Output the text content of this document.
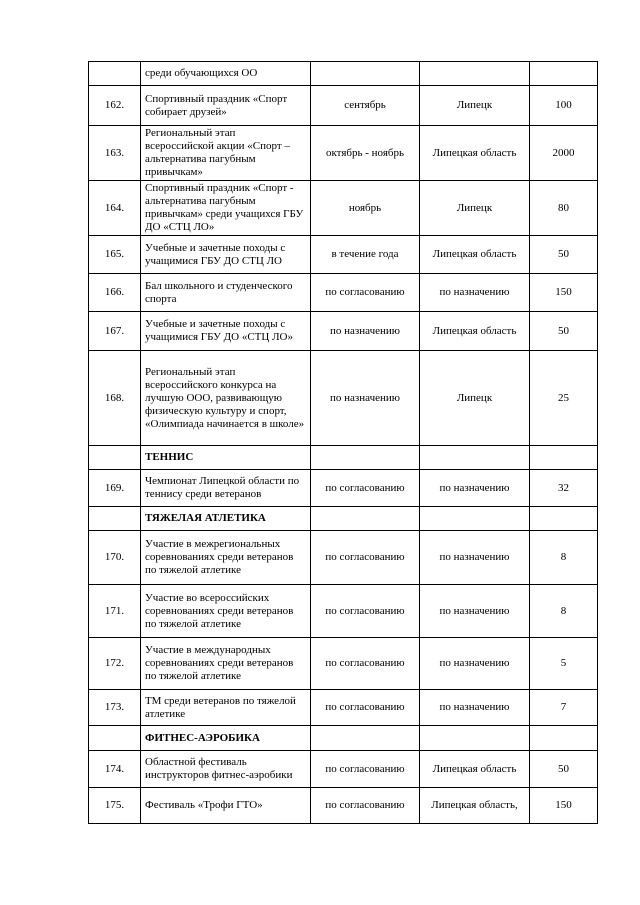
	среди обучающихся ОО			
162.	Спортивный праздник «Спорт собирает друзей»	сентябрь	Липецк	100
163.	Региональный этап всероссийской акции «Спорт – альтернатива пагубным привычкам»	октябрь - ноябрь	Липецкая область	2000
164.	Спортивный праздник «Спорт - альтернатива пагубным привычкам» среди учащихся ГБУ ДО «СТЦ ЛО»	ноябрь	Липецк	80
165.	Учебные и зачетные походы с учащимися ГБУ ДО СТЦ ЛО	в течение года	Липецкая область	50
166.	Бал школьного и студенческого спорта	по согласованию	по назначению	150
167.	Учебные и зачетные походы с учащимися ГБУ ДО «СТЦ ЛО»	по назначению	Липецкая область	50
168.	Региональный этап всероссийского конкурса на лучшую ООО, развивающую физическую культуру и спорт, «Олимпиада начинается в школе»	по назначению	Липецк	25
	ТЕННИС			
169.	Чемпионат Липецкой области по теннису среди ветеранов	по согласованию	по назначению	32
	ТЯЖЕЛАЯ АТЛЕТИКА			
170.	Участие в межрегиональных соревнованиях среди ветеранов по тяжелой атлетике	по согласованию	по назначению	8
171.	Участие во всероссийских соревнованиях среди ветеранов по тяжелой атлетике	по согласованию	по назначению	8
172.	Участие в международных соревнованиях среди ветеранов по тяжелой атлетике	по согласованию	по назначению	5
173.	ТМ среди ветеранов по тяжелой атлетике	по согласованию	по назначению	7
	ФИТНЕС-АЭРОБИКА			
174.	Областной фестиваль инструкторов фитнес-аэробики	по согласованию	Липецкая область	50
175.	Фестиваль «Трофи ГТО»	по согласованию	Липецкая область,	150
